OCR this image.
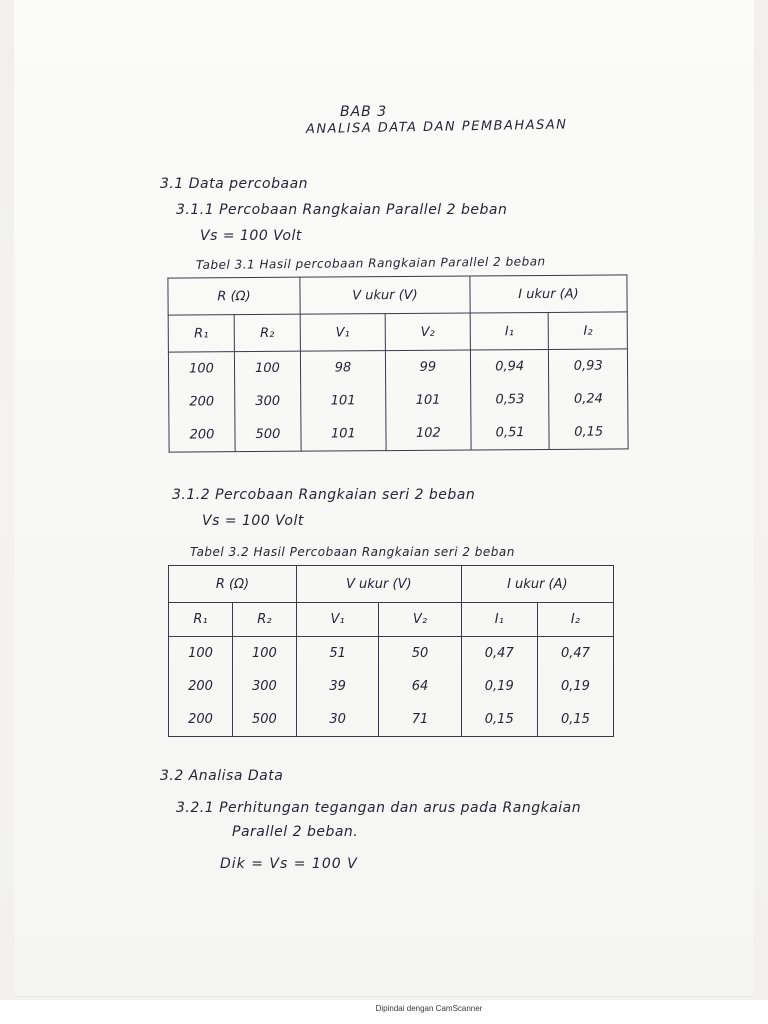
BAB 3
ANALISA DATA DAN PEMBAHASAN
3.1 Data percobaan
3.1.1 Percobaan Rangkaian Parallel 2 beban
Vs = 100 Volt
Tabel 3.1 Hasil percobaan Rangkaian Parallel 2 beban
R (Ω)		V ukur (V)		I ukur (A)	
R₁	R₂	V₁	V₂	I₁	I₂
100	100	98	99	0,94	0,93
200	300	101	101	0,53	0,24
200	500	101	102	0,51	0,15
3.1.2 Percobaan Rangkaian seri 2 beban
Vs = 100 Volt
Tabel 3.2 Hasil Percobaan Rangkaian seri 2 beban
R (Ω)		V ukur (V)		I ukur (A)	
R₁	R₂	V₁	V₂	I₁	I₂
100	100	51	50	0,47	0,47
200	300	39	64	0,19	0,19
200	500	30	71	0,15	0,15
3.2 Analisa Data
3.2.1 Perhitungan tegangan dan arus pada Rangkaian
Parallel 2 beban.
Dik = Vs = 100 V
Dipindai dengan CamScanner
